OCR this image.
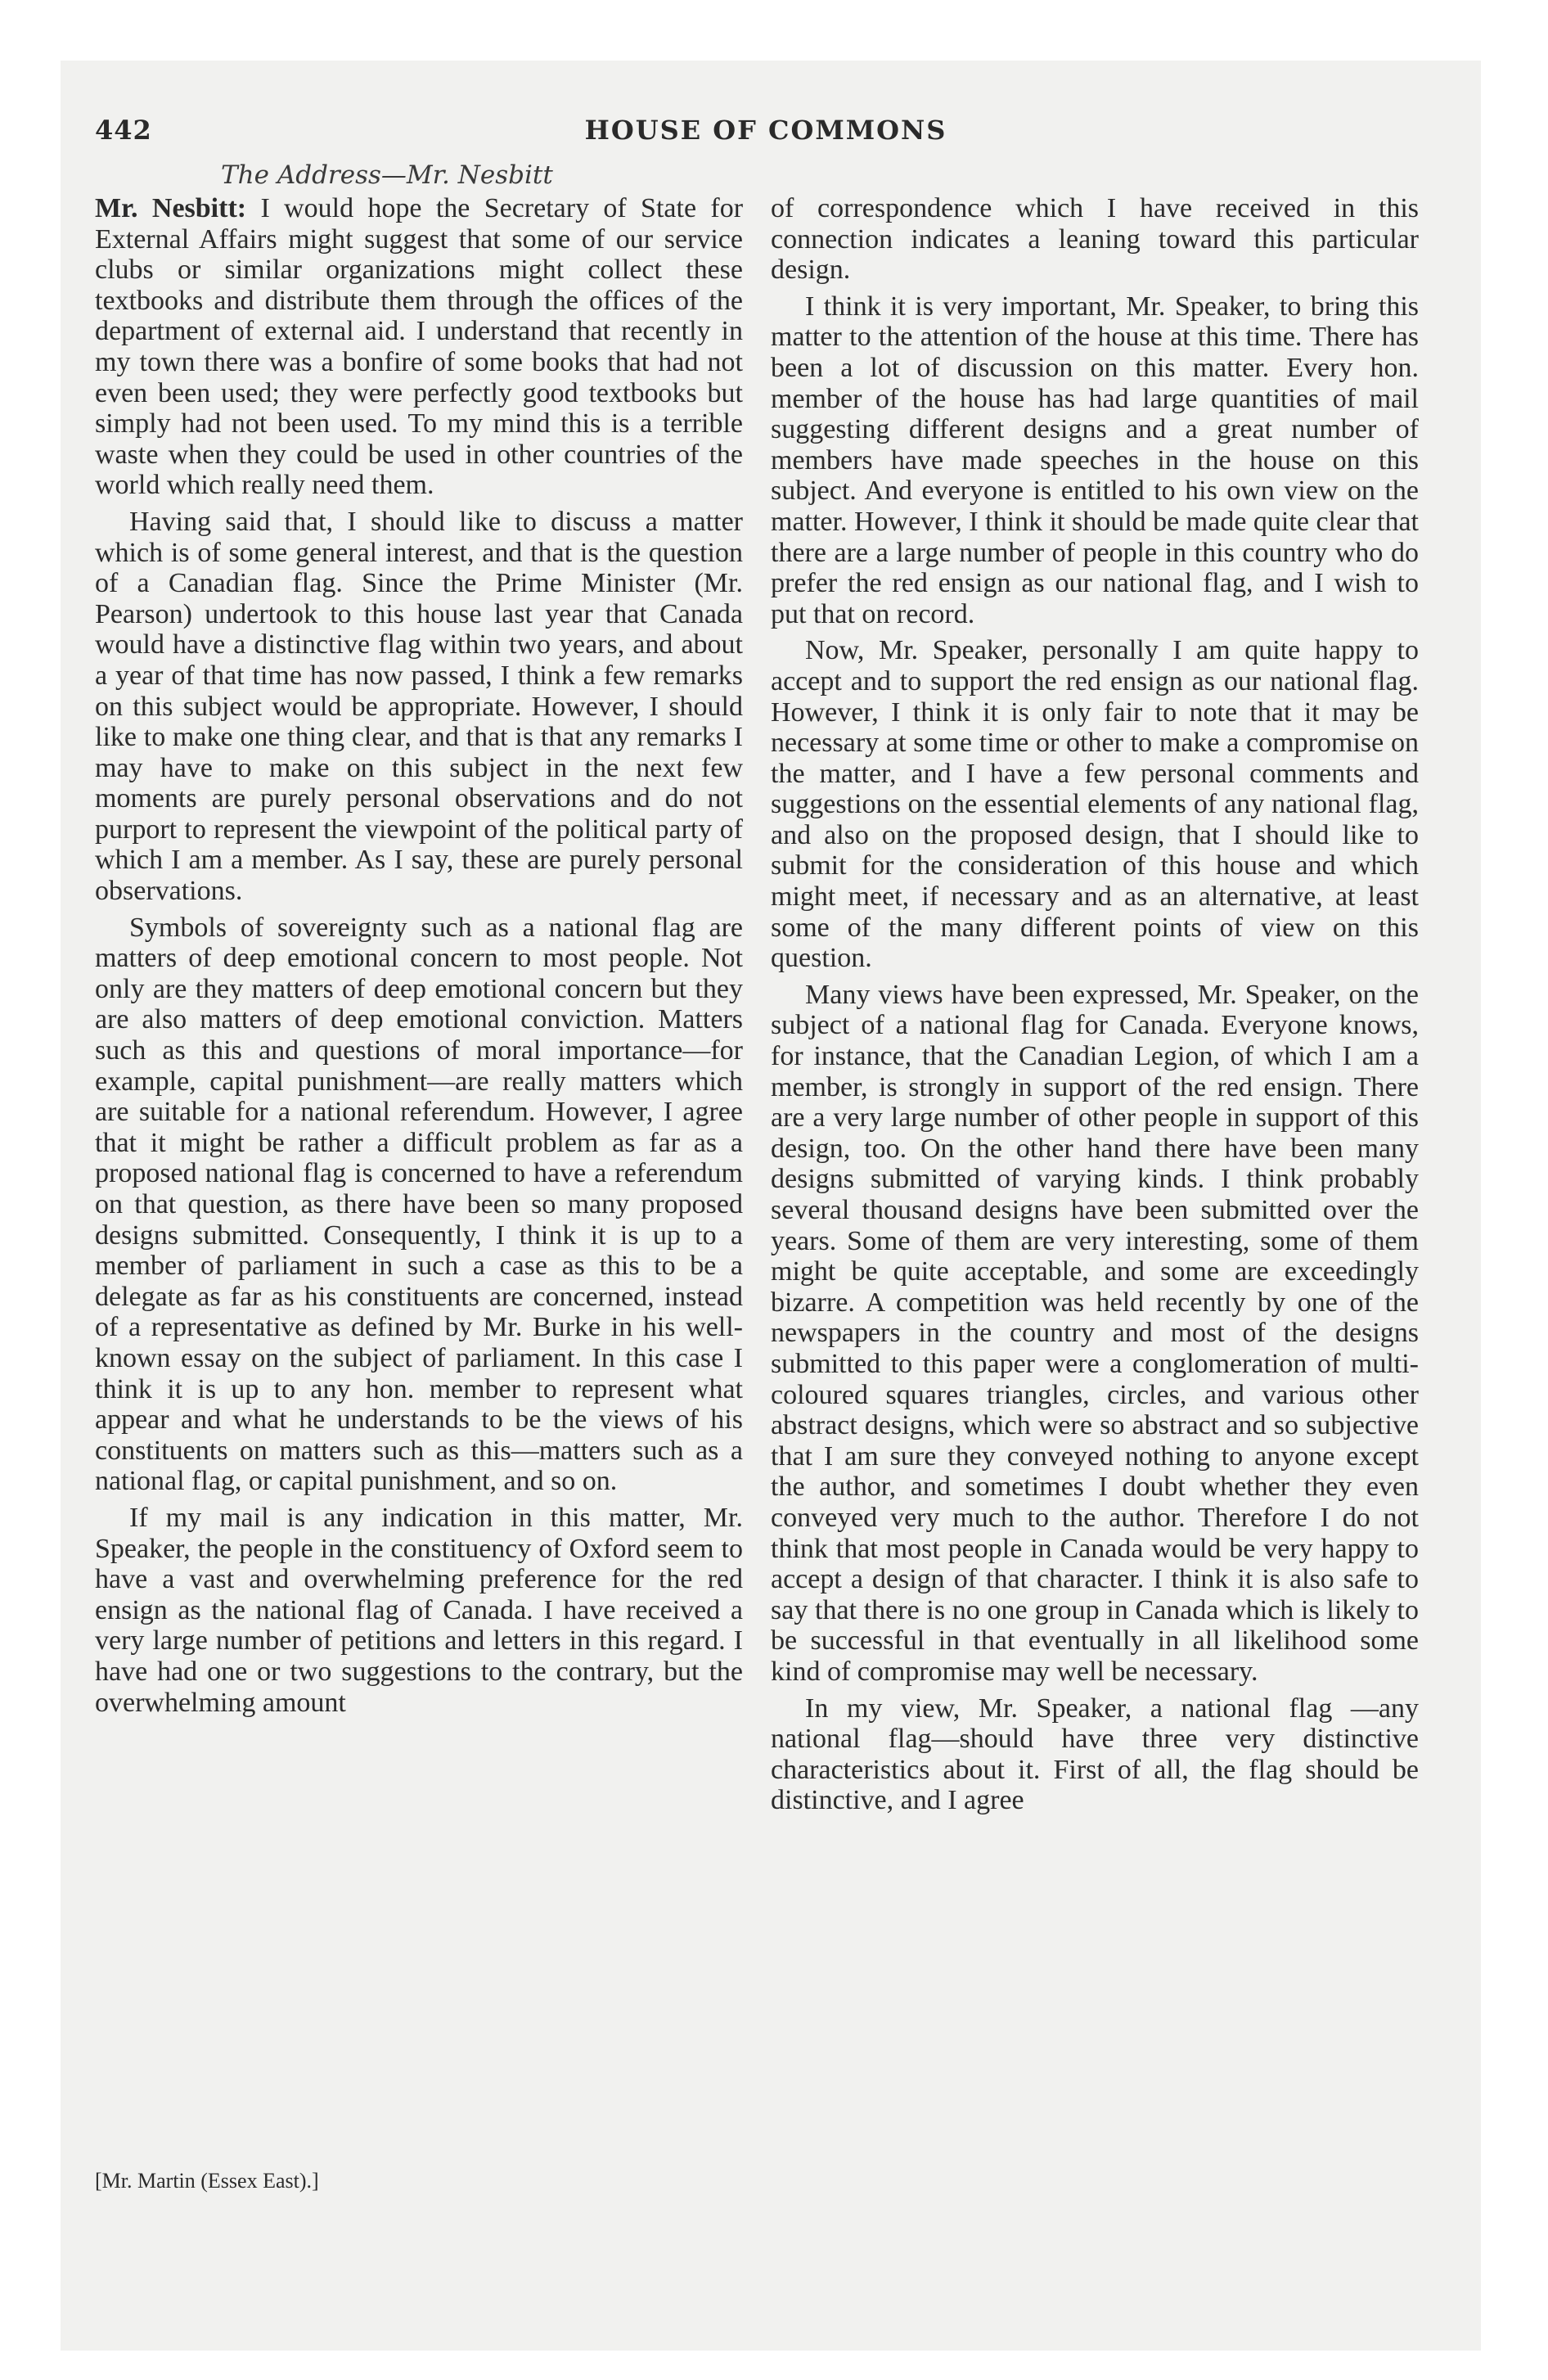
HOUSE OF COMMONS
442
The Address—Mr. Nesbitt

Mr. Nesbitt: I would hope the Secretary of State for External Affairs might suggest that some of our service clubs or similar organizations might collect these textbooks and distribute them through the offices of the department of external aid. I understand that recently in my town there was a bonfire of some books that had not even been used; they were perfectly good textbooks but simply had not been used. To my mind this is a terrible waste when they could be used in other countries of the world which really need them.

Having said that, I should like to discuss a matter which is of some general interest, and that is the question of a Canadian flag. Since the Prime Minister (Mr. Pearson) undertook to this house last year that Canada would have a distinctive flag within two years, and about a year of that time has now passed, I think a few remarks on this subject would be appropriate. However, I should like to make one thing clear, and that is that any remarks I may have to make on this subject in the next few moments are purely personal observations and do not purport to represent the viewpoint of the political party of which I am a member. As I say, these are purely personal observations.

Symbols of sovereignty such as a national flag are matters of deep emotional concern to most people. Not only are they matters of deep emotional concern but they are also matters of deep emotional conviction. Matters such as this and questions of moral importance—for example, capital punishment—are really matters which are suitable for a national referendum. However, I agree that it might be rather a difficult problem as far as a proposed national flag is concerned to have a referendum on that question, as there have been so many proposed designs submitted. Consequently, I think it is up to a member of parliament in such a case as this to be a delegate as far as his constituents are concerned, instead of a representative as defined by Mr. Burke in his well-known essay on the subject of parliament. In this case I think it is up to any hon. member to represent what appear and what he understands to be the views of his constituents on matters such as this—matters such as a national flag, or capital punishment, and so on.

If my mail is any indication in this matter, Mr. Speaker, the people in the constituency of Oxford seem to have a vast and overwhelming preference for the red ensign as the national flag of Canada. I have received a very large number of petitions and letters in this regard. I have had one or two suggestions to the contrary, but the overwhelming amount

of correspondence which I have received in this connection indicates a leaning toward this particular design.

I think it is very important, Mr. Speaker, to bring this matter to the attention of the house at this time. There has been a lot of discussion on this matter. Every hon. member of the house has had large quantities of mail suggesting different designs and a great number of members have made speeches in the house on this subject. And everyone is entitled to his own view on the matter. However, I think it should be made quite clear that there are a large number of people in this country who do prefer the red ensign as our national flag, and I wish to put that on record.

Now, Mr. Speaker, personally I am quite happy to accept and to support the red ensign as our national flag. However, I think it is only fair to note that it may be necessary at some time or other to make a compromise on the matter, and I have a few personal comments and suggestions on the essential elements of any national flag, and also on the proposed design, that I should like to submit for the consideration of this house and which might meet, if necessary and as an alternative, at least some of the many different points of view on this question.

Many views have been expressed, Mr. Speaker, on the subject of a national flag for Canada. Everyone knows, for instance, that the Canadian Legion, of which I am a member, is strongly in support of the red ensign. There are a very large number of other people in support of this design, too. On the other hand there have been many designs submitted of varying kinds. I think probably several thousand designs have been submitted over the years. Some of them are very interesting, some of them might be quite acceptable, and some are exceedingly bizarre. A competition was held recently by one of the newspapers in the country and most of the designs submitted to this paper were a conglomeration of multi-coloured squares triangles, circles, and various other abstract designs, which were so abstract and so subjective that I am sure they conveyed nothing to anyone except the author, and sometimes I doubt whether they even conveyed very much to the author. Therefore I do not think that most people in Canada would be very happy to accept a design of that character. I think it is also safe to say that there is no one group in Canada which is likely to be successful in that eventually in all likelihood some kind of compromise may well be necessary.

In my view, Mr. Speaker, a national flag —any national flag—should have three very distinctive characteristics about it. First of all, the flag should be distinctive, and I agree

[Mr. Martin (Essex East).]
